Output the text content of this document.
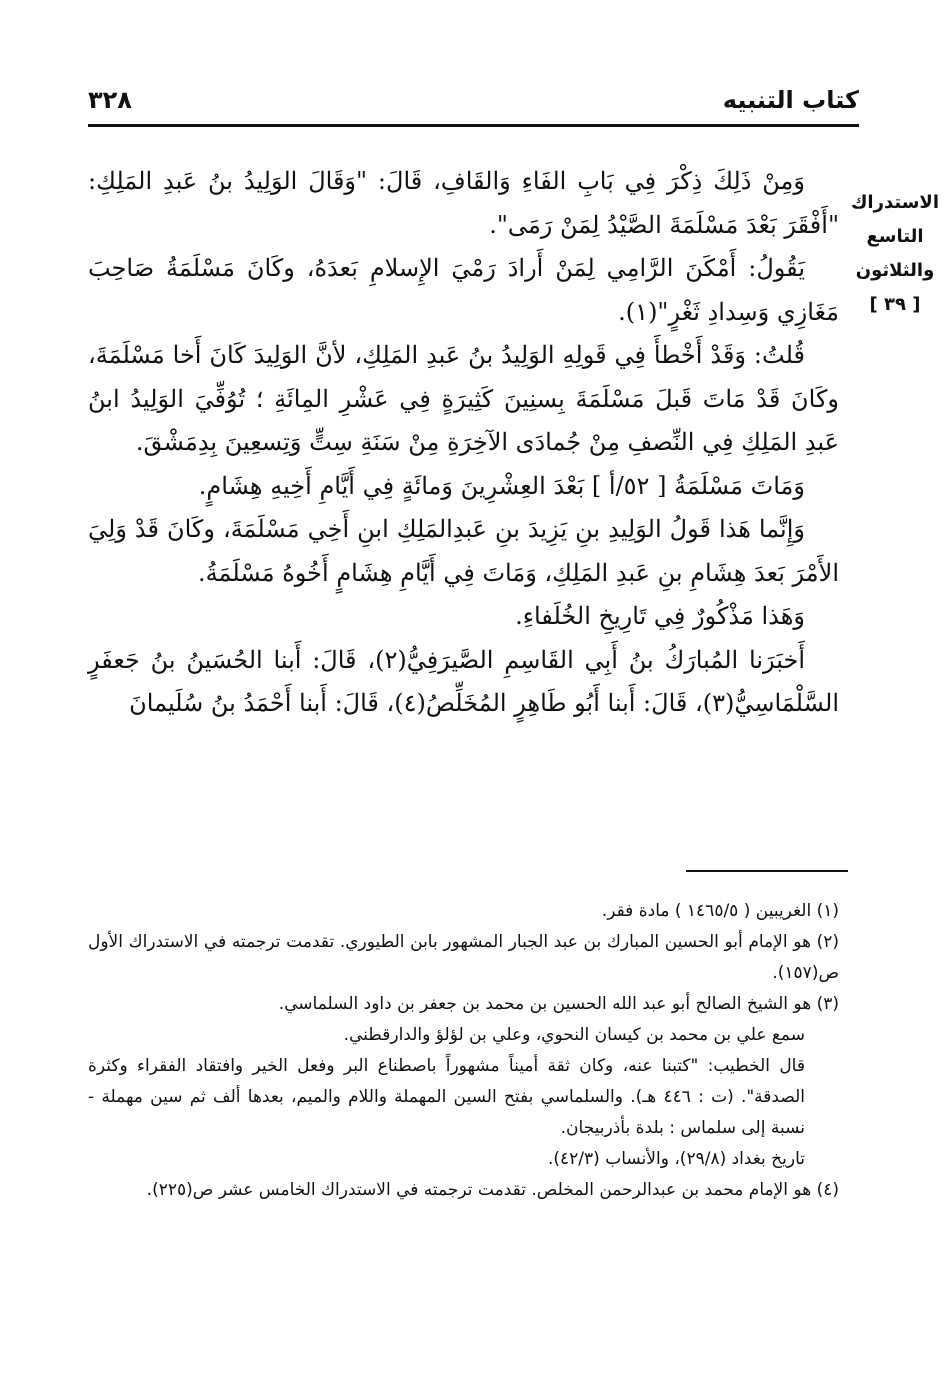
كتاب التنبيه
٣٢٨
الاستدراك
التاسع
والثلاثون
[ ٣٩ ]

وَمِنْ ذَلِكَ ذِكْرَ فِي بَابِ الفَاءِ وَالقَافِ، قَالَ: "وَقَالَ الوَلِيدُ بنُ عَبدِ المَلِكِ: "أَفْقَرَ بَعْدَ مَسْلَمَةَ الصَّيْدُ لِمَنْ رَمَى".

يَقُولُ: أَمْكَنَ الرَّامِي لِمَنْ أَرادَ رَمْيَ الإِسلامِ بَعدَهُ، وكَانَ مَسْلَمَةُ صَاحِبَ مَغَازِي وَسِدادِ ثَغْرٍ"(١).

قُلتُ: وَقَدْ أَخْطأَ فِي قَولِهِ الوَلِيدُ بنُ عَبدِ المَلِكِ، لأنَّ الوَلِيدَ كَانَ أَخا مَسْلَمَةَ، وكَانَ قَدْ مَاتَ قَبلَ مَسْلَمَةَ بِسنِينَ كَثِيرَةٍ فِي عَشْرِ المِائَةِ ؛ تُوُفِّيَ الوَلِيدُ ابنُ عَبدِ المَلِكِ فِي النِّصفِ مِنْ جُمادَى الآخِرَةِ مِنْ سَنَةِ سِتٍّ وَتِسعِينَ بِدِمَشْقَ.

وَمَاتَ مَسْلَمَةُ [ ٥٢/أ ] بَعْدَ العِشْرِينَ وَمائَةٍ فِي أَيَّامِ أَخِيهِ هِشَامٍ.

وَإِنَّما هَذا قَولُ الوَلِيدِ بنِ يَزِيدَ بنِ عَبدِالمَلِكِ ابنِ أَخِي مَسْلَمَةَ، وكَانَ قَدْ وَلِيَ الأَمْرَ بَعدَ هِشَامِ بنِ عَبدِ المَلِكِ، وَمَاتَ فِي أَيَّامِ هِشَامٍ أَخُوهُ مَسْلَمَةُ.

وَهَذا مَذْكُورٌ فِي تَارِيخِ الخُلَفاءِ.

أَخبَرَنا المُبارَكُ بنُ أَبِي القَاسِمِ الصَّيرَفِيُّ(٢)، قَالَ: أَبنا الحُسَينُ بنُ جَعفَرٍ السَّلْمَاسِيُّ(٣)، قَالَ: أَبنا أَبُو طَاهِرٍ المُخَلِّصُ(٤)، قَالَ: أَبنا أَحْمَدُ بنُ سُلَيمانَ

(١) الغريبين ( ١٤٦٥/٥ ) مادة فقر.

(٢) هو الإمام أبو الحسين المبارك بن عبد الجبار المشهور بابن الطيوري. تقدمت ترجمته في الاستدراك الأول ص(١٥٧).

(٣) هو الشيخ الصالح أبو عبد الله الحسين بن محمد بن جعفر بن داود السلماسي.

سمع علي بن محمد بن كيسان النحوي، وعلي بن لؤلؤ والدارقطني.

قال الخطيب: "كتبنا عنه، وكان ثقة أميناً مشهوراً باصطناع البر وفعل الخير وافتقاد الفقراء وكثرة الصدقة". (ت : ٤٤٦ هـ). والسلماسي بفتح السين المهملة واللام والميم، بعدها ألف ثم سين مهملة - نسبة إلى سلماس : بلدة بأذربيجان.

تاريخ بغداد (٢٩/٨)، والأنساب (٤٢/٣).

(٤) هو الإمام محمد بن عبدالرحمن المخلص. تقدمت ترجمته في الاستدراك الخامس عشر ص(٢٢٥).
